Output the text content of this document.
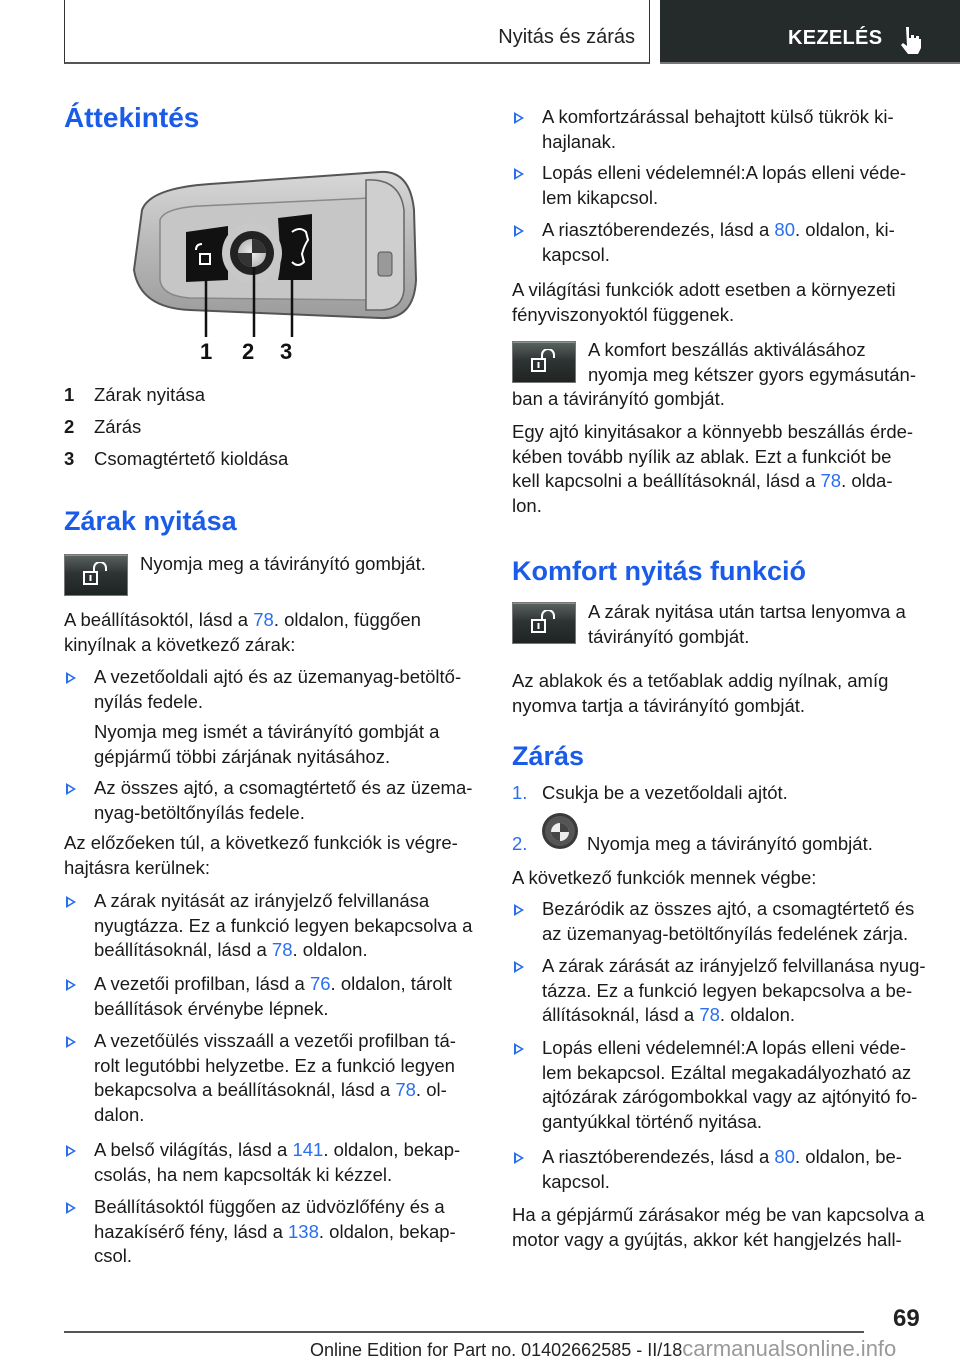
Nyitás és zárás	KEZELÉS
Áttekintés
1 2 3
1 Zárak nyitása
2 Zárás
3 Csomagtértető kioldása
Zárak nyitása
Nyomja meg a távirányító gombját.
A beállításoktól, lásd a 78. oldalon, függően
kinyílnak a következő zárak:
A vezetőoldali ajtó és az üzemanyag-betöltő-
nyílás fedele.
Nyomja meg ismét a távirányító gombját a
gépjármű többi zárjának nyitásához.
Az összes ajtó, a csomagtértető és az üzema-
nyag-betöltőnyílás fedele.
Az előzőeken túl, a következő funkciók is végre-
hajtásra kerülnek:
A zárak nyitását az irányjelző felvillanása
nyugtázza. Ez a funkció legyen bekapcsolva a
beállításoknál, lásd a 78. oldalon.
A vezetői profilban, lásd a 76. oldalon, tárolt
beállítások érvénybe lépnek.
A vezetőülés visszaáll a vezetői profilban tá-
rolt legutóbbi helyzetbe. Ez a funkció legyen
bekapcsolva a beállításoknál, lásd a 78. ol-
dalon.
A belső világítás, lásd a 141. oldalon, bekap-
csolás, ha nem kapcsolták ki kézzel.
Beállításoktól függően az üdvözlőfény és a
hazakísérő fény, lásd a 138. oldalon, bekap-
csol.
A komfortzárással behajtott külső tükrök ki-
hajlanak.
Lopás elleni védelemnél:A lopás elleni véde-
lem kikapcsol.
A riasztóberendezés, lásd a 80. oldalon, ki-
kapcsol.
A világítási funkciók adott esetben a környezeti
fényviszonyoktól függenek.
A komfort beszállás aktiválásához
nyomja meg kétszer gyors egymásután-
ban a távirányító gombját.
Egy ajtó kinyitásakor a könnyebb beszállás érde-
kében tovább nyílik az ablak. Ezt a funkciót be
kell kapcsolni a beállításoknál, lásd a 78. olda-
lon.
Komfort nyitás funkció
A zárak nyitása után tartsa lenyomva a
távirányító gombját.
Az ablakok és a tetőablak addig nyílnak, amíg
nyomva tartja a távirányító gombját.
Zárás
1. Csukja be a vezetőoldali ajtót.
2.	Nyomja meg a távirányító gombját.
A következő funkciók mennek végbe:
Bezáródik az összes ajtó, a csomagtértető és
az üzemanyag-betöltőnyílás fedelének zárja.
A zárak zárását az irányjelző felvillanása nyug-
tázza. Ez a funkció legyen bekapcsolva a be-
állításoknál, lásd a 78. oldalon.
Lopás elleni védelemnél:A lopás elleni véde-
lem bekapcsol. Ezáltal megakadályozható az
ajtózárak zárógombokkal vagy az ajtónyitó fo-
gantyúkkal történő nyitása.
A riasztóberendezés, lásd a 80. oldalon, be-
kapcsol.
Ha a gépjármű zárásakor még be van kapcsolva a
motor vagy a gyújtás, akkor két hangjelzés hall-
69
Online Edition for Part no. 01402662585 - II/18carmanualsonline.info
